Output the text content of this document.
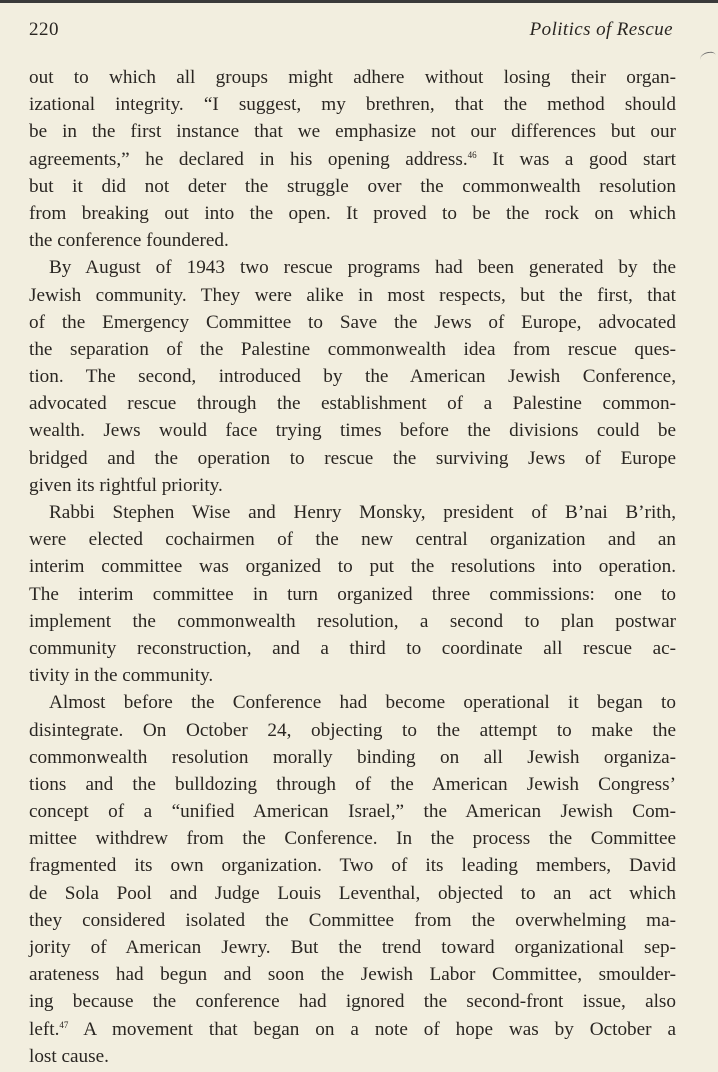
220	Politics of Rescue
out to which all groups might adhere without losing their organ-
izational integrity. “I suggest, my brethren, that the method should
be in the first instance that we emphasize not our differences but our
agreements,” he declared in his opening address.$^{46}$ It was a good start
but it did not deter the struggle over the commonwealth resolution
from breaking out into the open. It proved to be the rock on which
the conference foundered.
By August of 1943 two rescue programs had been generated by the
Jewish community. They were alike in most respects, but the first, that
of the Emergency Committee to Save the Jews of Europe, advocated
the separation of the Palestine commonwealth idea from rescue ques-
tion. The second, introduced by the American Jewish Conference,
advocated rescue through the establishment of a Palestine common-
wealth. Jews would face trying times before the divisions could be
bridged and the operation to rescue the surviving Jews of Europe
given its rightful priority.
Rabbi Stephen Wise and Henry Monsky, president of B’nai B’rith,
were elected cochairmen of the new central organization and an
interim committee was organized to put the resolutions into operation.
The interim committee in turn organized three commissions: one to
implement the commonwealth resolution, a second to plan postwar
community reconstruction, and a third to coordinate all rescue ac-
tivity in the community.
Almost before the Conference had become operational it began to
disintegrate. On October 24, objecting to the attempt to make the
commonwealth resolution morally binding on all Jewish organiza-
tions and the bulldozing through of the American Jewish Congress’
concept of a “unified American Israel,” the American Jewish Com-
mittee withdrew from the Conference. In the process the Committee
fragmented its own organization. Two of its leading members, David
de Sola Pool and Judge Louis Leventhal, objected to an act which
they considered isolated the Committee from the overwhelming ma-
jority of American Jewry. But the trend toward organizational sep-
arateness had begun and soon the Jewish Labor Committee, smoulder-
ing because the conference had ignored the second-front issue, also
left.$^{47}$ A movement that began on a note of hope was by October a
lost cause.
